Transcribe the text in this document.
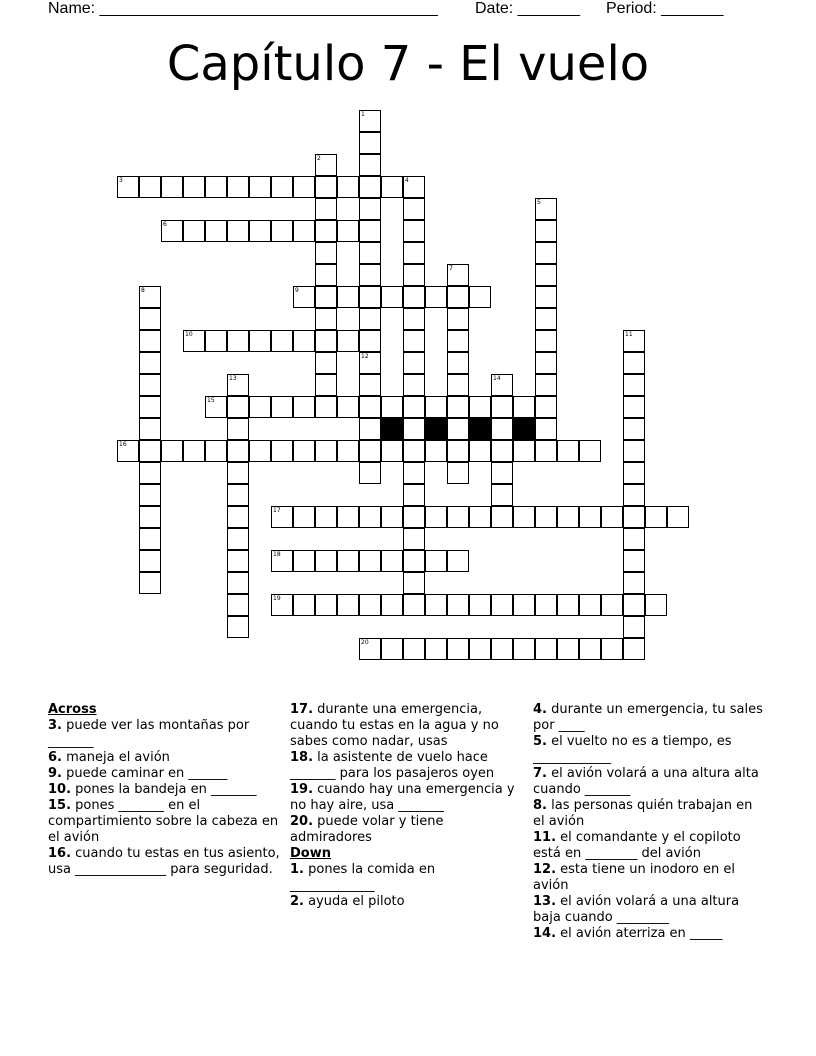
Name: ______________________________________ Date: _______ Period: _______
Capítulo 7 - El vuelo
1
12
2
3	4
5
6
7
8	9
10	11
13	14
15
16
17
18
19
20
Across
3. puede ver las montañas por _______
6. maneja el avión
9. puede caminar en ______
10. pones la bandeja en _______
15. pones _______ en el compartimiento sobre la cabeza en el avión
16. cuando tu estas en tus asiento, usa ______________ para seguridad.
17. durante una emergencia, cuando tu estas en la agua y no sabes como nadar, usas
18. la asistente de vuelo hace _______ para los pasajeros oyen
19. cuando hay una emergencia y no hay aire, usa _______
20. puede volar y tiene admiradores
Down
1. pones la comida en _____________
2. ayuda el piloto
4. durante un emergencia, tu sales por ____
5. el vuelto no es a tiempo, es ____________
7. el avión volará a una altura alta cuando _______
8. las personas quién trabajan en el avión
11. el comandante y el copiloto está en ________ del avión
12. esta tiene un inodoro en el avión
13. el avión volará a una altura baja cuando ________
14. el avión aterriza en _____
